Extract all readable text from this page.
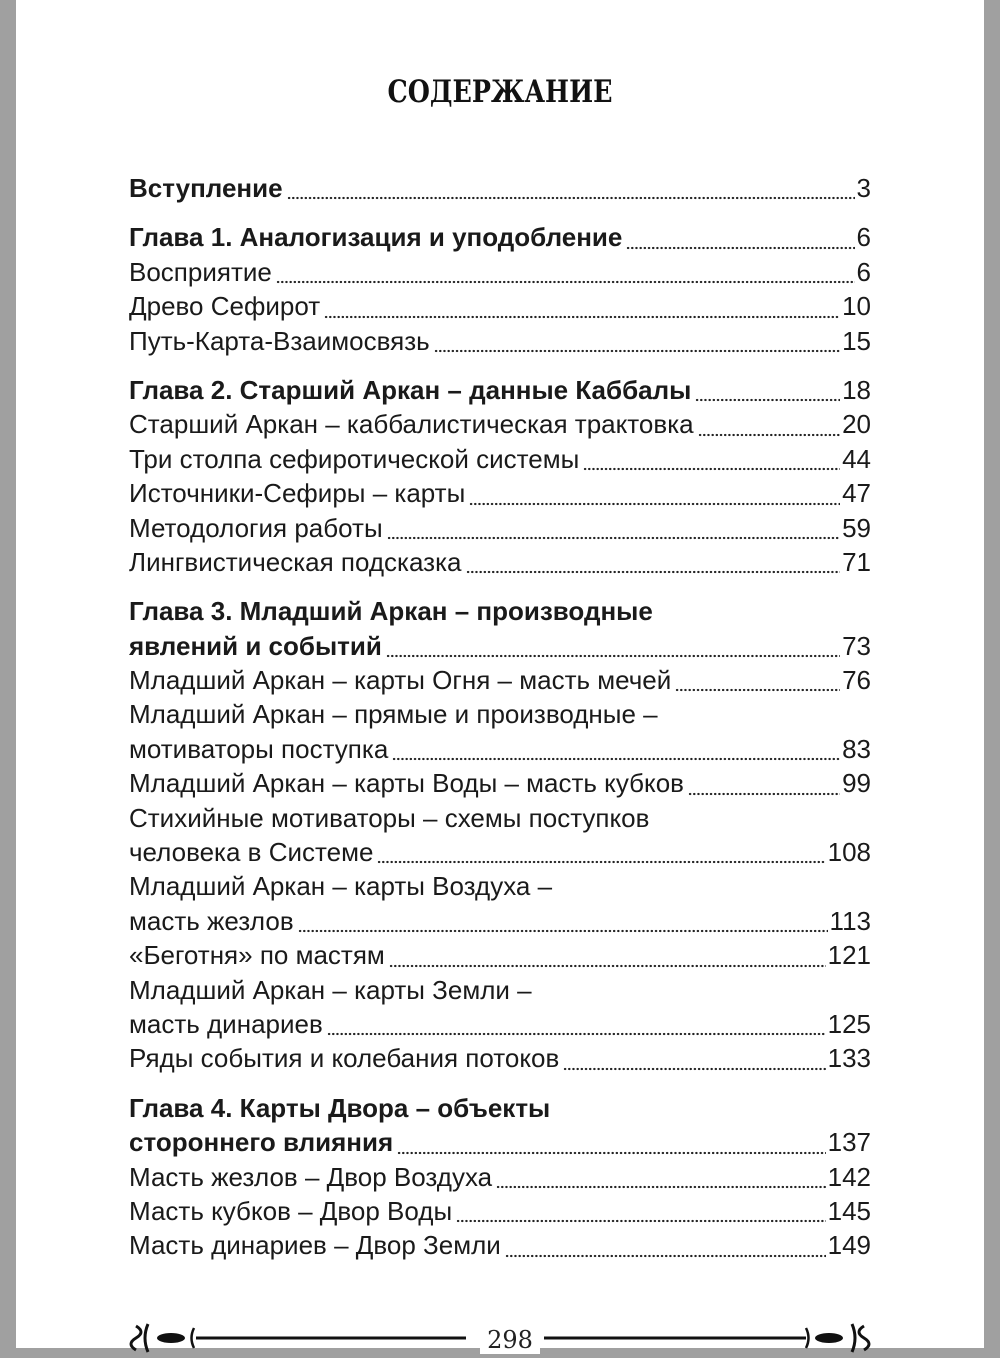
СОДЕРЖАНИЕ
Вступление	3
Глава 1. Аналогизация и уподобление	6
Восприятие	6
Древо Сефирот	10
Путь-Карта-Взаимосвязь	15
Глава 2. Старший Аркан – данные Каббалы	18
Старший Аркан – каббалистическая трактовка	20
Три столпа сефиротической системы	44
Источники-Сефиры – карты	47
Методология работы	59
Лингвистическая подсказка	71
Глава 3. Младший Аркан – производные
явлений и событий	73
Младший Аркан – карты Огня – масть мечей	76
Младший Аркан – прямые и производные –
мотиваторы поступка	83
Младший Аркан – карты Воды – масть кубков	99
Стихийные мотиваторы – схемы поступков
человека в Системе	108
Младший Аркан – карты Воздуха –
масть жезлов	113
«Беготня» по мастям	121
Младший Аркан – карты Земли –
масть динариев	125
Ряды события и колебания потоков	133
Глава 4. Карты Двора – объекты
стороннего влияния	137
Масть жезлов – Двор Воздуха	142
Масть кубков – Двор Воды	145
Масть динариев – Двор Земли	149
298
